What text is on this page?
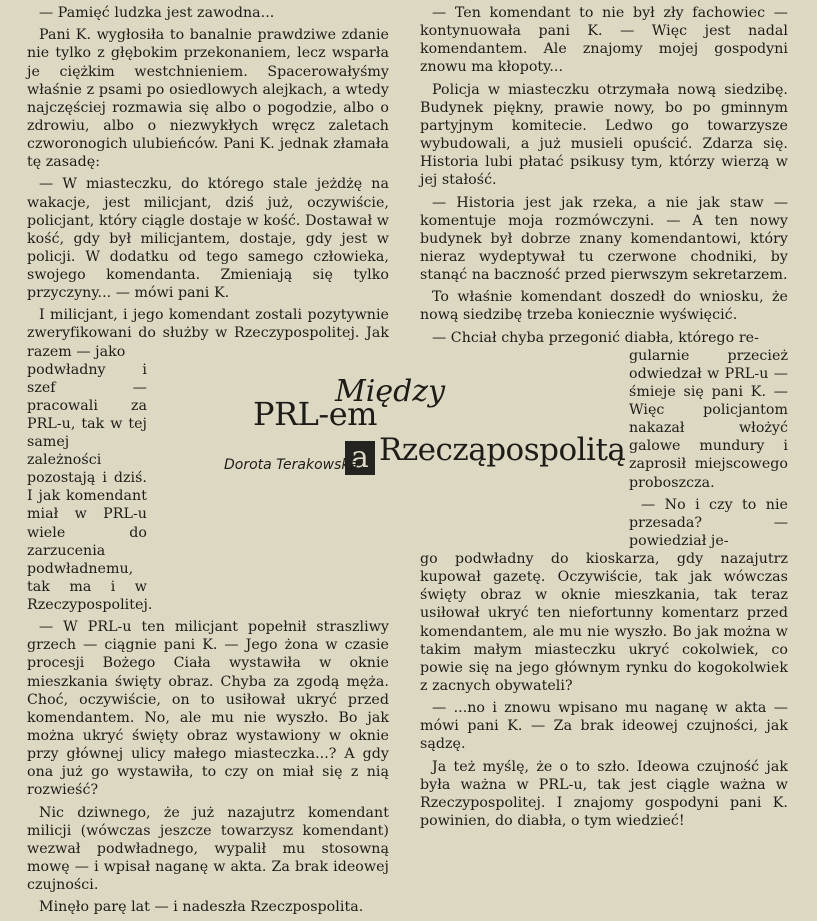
— Pamięć ludzka jest zawodna...

Pani K. wygłosiła to banalnie prawdziwe zdanie nie tylko z głębokim przekonaniem, lecz wsparła je ciężkim westchnieniem. Spacerowałyśmy właśnie z psami po osiedlowych alejkach, a wtedy najczęściej rozmawia się albo o pogodzie, albo o zdrowiu, albo o niezwykłych wręcz zaletach czworonogich ulubieńców. Pani K. jednak złamała tę zasadę:

— W miasteczku, do którego stale jeżdżę na wakacje, jest milicjant, dziś już, oczywiście, policjant, który ciągle dostaje w kość. Dostawał w kość, gdy był milicjantem, dostaje, gdy jest w policji. W dodatku od tego samego człowieka, swojego komendanta. Zmieniają się tylko przyczyny... — mówi pani K.

I milicjant, i jego komendant zostali pozytywnie zweryfikowani do służby w Rzeczypospolitej. Jak razem — jako

podwładny i szef — pracowali za PRL-u, tak w tej samej zależności pozostają i dziś. I jak komendant miał w PRL-u wiele do zarzucenia podwładnemu, tak ma i w Rzeczypospolitej.

— W PRL-u ten milicjant popełnił straszliwy grzech — ciągnie pani K. — Jego żona w czasie procesji Bożego Ciała wystawiła w oknie mieszkania święty obraz. Chyba za zgodą męża. Choć, oczywiście, on to usiłował ukryć przed komendantem. No, ale mu nie wyszło. Bo jak można ukryć święty obraz wystawiony w oknie przy głównej ulicy małego miasteczka...? A gdy ona już go wystawiła, to czy on miał się z nią rozwieść?

Nic dziwnego, że już nazajutrz komendant milicji (wówczas jeszcze towarzysz komendant) wezwał podwładnego, wypalił mu stosowną mowę — i wpisał naganę w akta. Za brak ideowej czujności.

Minęło parę lat — i nadeszła Rzeczpospolita.

— Ten komendant to nie był zły fachowiec — kontynuowała pani K. — Więc jest nadal komendantem. Ale znajomy mojej gospodyni znowu ma kłopoty...

Policja w miasteczku otrzymała nową siedzibę. Budynek piękny, prawie nowy, bo po gminnym partyjnym komitecie. Ledwo go towarzysze wybudowali, a już musieli opuścić. Zdarza się. Historia lubi płatać psikusy tym, którzy wierzą w jej stałość.

— Historia jest jak rzeka, a nie jak staw — komentuje moja rozmówczyni. — A ten nowy budynek był dobrze znany komendantowi, który nieraz wydeptywał tu czerwone chodniki, by stanąć na baczność przed pierwszym sekretarzem.

To właśnie komendant doszedł do wniosku, że nową siedzibę trzeba koniecznie wyświęcić.

— Chciał chyba przegonić diabła, którego re-

gularnie przecież odwiedzał w PRL-u — śmieje się pani K. — Więc policjantom nakazał włożyć galowe mundury i zaprosił miejscowego proboszcza.
— No i czy to nie przesada? — powiedział je-
go podwładny do kioskarza, gdy nazajutrz kupował gazetę. Oczywiście, tak jak wówczas święty obraz w oknie mieszkania, tak teraz usiłował ukryć ten niefortunny komentarz przed komendantem, ale mu nie wyszło. Bo jak można w takim małym miasteczku ukryć cokolwiek, co powie się na jego głównym rynku do kogokolwiek z zacnych obywateli?

— ...no i znowu wpisano mu naganę w akta — mówi pani K. — Za brak ideowej czujności, jak sądzę.

Ja też myślę, że o to szło. Ideowa czujność jak była ważna w PRL-u, tak jest ciągle ważna w Rzeczypospolitej. I znajomy gospodyni pani K. powinien, do diabła, o tym wiedzieć!

PRL-em
Między
a Rzecząpospolitą
Dorota Terakowska
